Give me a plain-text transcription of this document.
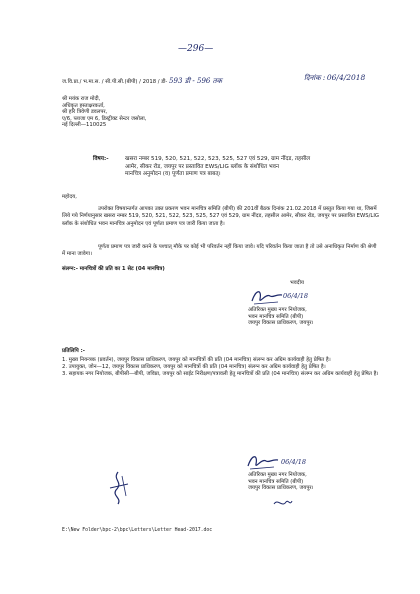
—296—
ज.वि.प्रा./ भ.मा.स. / सी.पी.सी.(बीपी) / 2018 / डी- 593 डी - 596 तक	दिनांक : 06/4/2018
श्री मयंक राज मोदी,
अधिकृत हस्ताक्षरकर्ता,
श्री हरि त्रिवेणी डवलपर,
ए/6, प्लाजा एम 6, डिस्ट्रीक्ट सेन्टर जसोला,
नई दिल्ली—110025
विषय:-	खसरा नम्बर 519, 520, 521, 522, 523, 525, 527 एवं 529, ग्राम नींदड, तहसील
आमेर, सीकर रोड, जयपुर पर प्रस्तावित EWS/LIG ब्लॉक के संशोधित भवन
मानचित्र अनुमोदन (व) पूर्णता प्रमाण पत्र बाबत्।
महोदय,
उपरोक्त विषयान्तर्गत आपका उक्त प्रकरण भवन मानचित्र समिति (बीपी) की 201वीं बैठक दिनांक 21.02.2018 में प्रस्तुत किया गया था, जिसमें लिये गये निर्णयानुसार खसरा नम्बर 519, 520, 521, 522, 523, 525, 527 एवं 529, ग्राम नींदड, तहसील आमेर, सीकर रोड, जयपुर पर प्रस्तावित EWS/LIG ब्लॉक के संशोधित भवन मानचित्र अनुमोदन एवं पूर्णता प्रमाण पत्र जारी किया जाता है।
पूर्णता प्रमाण पत्र जारी करने के पश्चात् मौके पर कोई भी परिवर्तन नहीं किया जावे। यदि परिवर्तन किया जाता है तो उसे अनाधिकृत निर्माण की श्रेणी में माना जावेगा।
संलग्न:- मानचित्रों की प्रति का 1 सेट (04 मानचित्र)
भवदीय
06/4/18
अतिरिक्त मुख्य नगर नियोजक,
भवन मानचित्र समिति (बीपी)
जयपुर विकास प्राधिकरण, जयपुर।
प्रतिलिपि :-
1. मुख्य नियन्त्रक (प्रवर्तन), जयपुर विकास प्राधिकरण, जयपुर को मानचित्रों की प्रति (04 मानचित्र) संलग्न कर अग्रिम कार्यवाही हेतु प्रेषित है।
2. उपायुक्त, जोन—12, जयपुर विकास प्राधिकरण, जयपुर को मानचित्रों की प्रति (04 मानचित्र) संलग्न कर अग्रिम कार्यवाही हेतु प्रेषित है।
3. सहायक नगर नियोजक, बीपीसी—बीपी, जविप्रा, जयपुर को साईट निरीक्षण/पत्रावली हेतु मानचित्रों की प्रति (04 मानचित्र) संलग्न कर अग्रिम कार्यवाही हेतु प्रेषित है।
06/4/18
अतिरिक्त मुख्य नगर नियोजक,
भवन मानचित्र समिति (बीपी)
जयपुर विकास प्राधिकरण, जयपुर।
E:\New Folder\bpc-2\bpc\Letters\Letter Head-2017.doc
